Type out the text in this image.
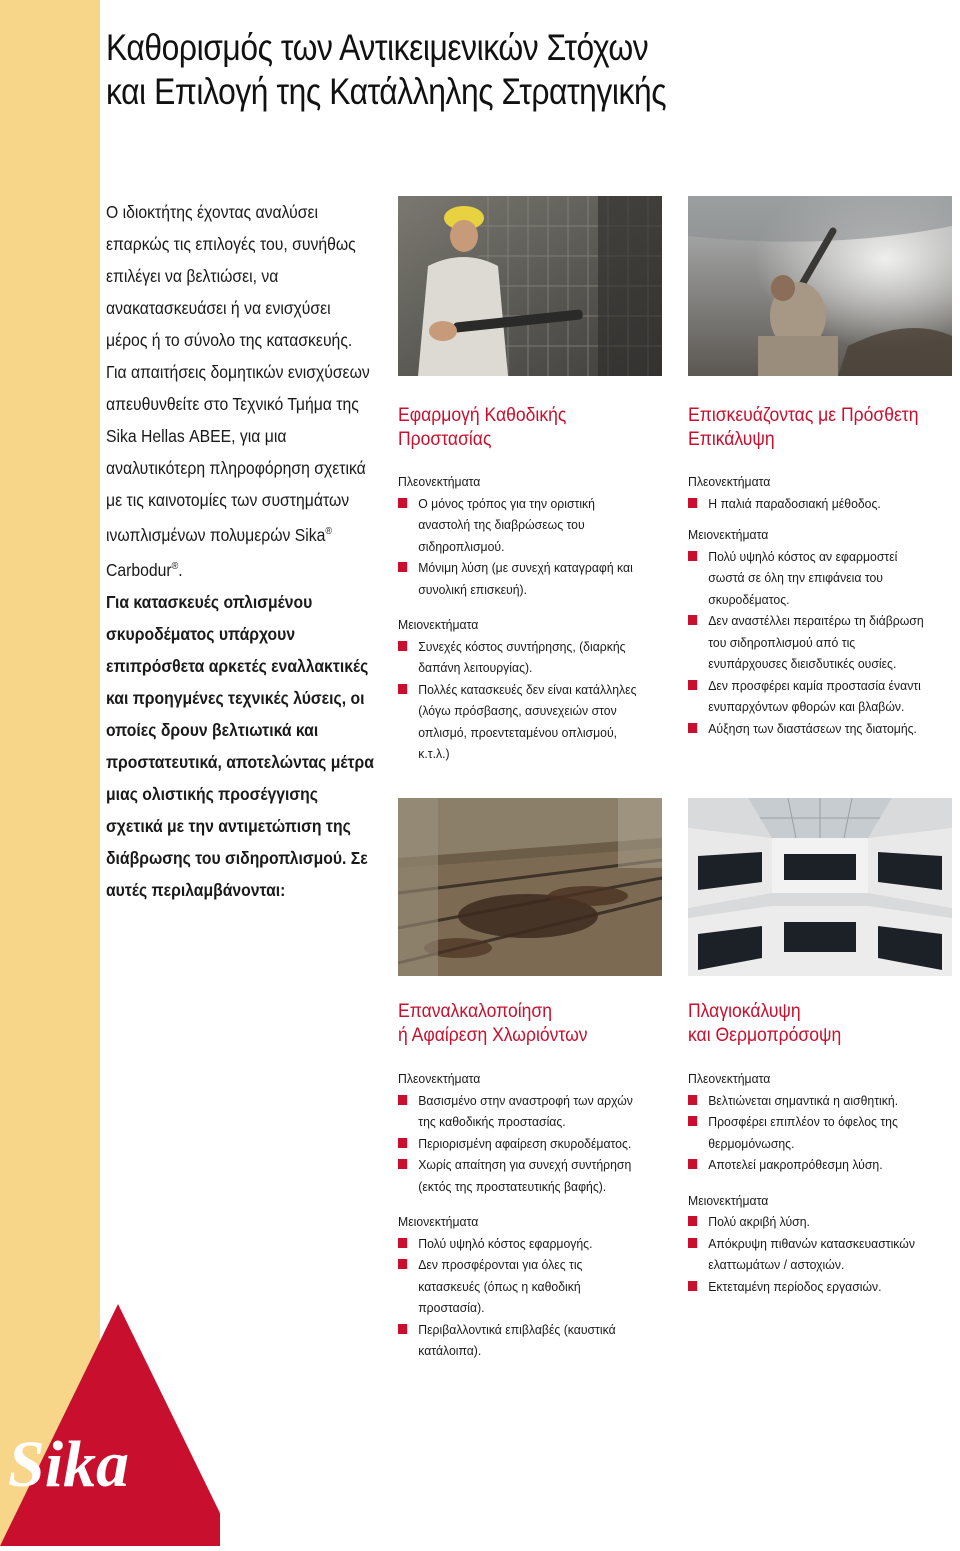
Καθορισμός των Αντικειμενικών Στόχων
και Επιλογή της Κατάλληλης Στρατηγικής
Ο ιδιοκτήτης έχοντας αναλύσει επαρκώς τις επιλογές του, συνήθως επιλέγει να βελτιώσει, να ανακατασκευάσει ή να ενισχύσει μέρος ή το σύνολο της κατασκευής.
Για απαιτήσεις δομητικών ενισχύσεων απευθυνθείτε στο Τεχνικό Τμήμα της Sika Hellas ΑΒΕΕ, για μια αναλυτικότερη πληροφόρηση σχετικά με τις καινοτομίες των συστημάτων ινωπλισμένων πολυμερών Sika® Carbodur®.
Για κατασκευές οπλισμένου σκυροδέματος υπάρχουν επιπρόσθετα αρκετές εναλλακτικές και προηγμένες τεχνικές λύσεις, οι οποίες δρουν βελτιωτικά και προστατευτικά, αποτελώντας μέτρα μιας ολιστικής προσέγγισης σχετικά με την αντιμετώπιση της διάβρωσης του σιδηροπλισμού. Σε αυτές περιλαμβάνονται:
Εφαρμογή Καθοδικής
Προστασίας
Πλεονεκτήματα
Ο μόνος τρόπος για την οριστική αναστολή της διαβρώσεως του σιδηροπλισμού.
Μόνιμη λύση (με συνεχή καταγραφή και συνολική επισκευή).
Μειονεκτήματα
Συνεχές κόστος συντήρησης, (διαρκής δαπάνη λειτουργίας).
Πολλές κατασκευές δεν είναι κατάλληλες (λόγω πρόσβασης, ασυνεχειών στον οπλισμό, προεντεταμένου οπλισμού, κ.τ.λ.)
Επισκευάζοντας με Πρόσθετη
Επικάλυψη
Πλεονεκτήματα
Η παλιά παραδοσιακή μέθοδος.
Μειονεκτήματα
Πολύ υψηλό κόστος αν εφαρμοστεί σωστά σε όλη την επιφάνεια του σκυροδέματος.
Δεν αναστέλλει περαιτέρω τη διάβρωση του σιδηροπλισμού από τις ενυπάρχουσες διεισδυτικές ουσίες.
Δεν προσφέρει καμία προστασία έναντι ενυπαρχόντων φθορών και βλαβών.
Αύξηση των διαστάσεων της διατομής.
Επαναλκαλοποίηση
ή Αφαίρεση Χλωριόντων
Πλεονεκτήματα
Βασισμένο στην αναστροφή των αρχών της καθοδικής προστασίας.
Περιορισμένη αφαίρεση σκυροδέματος.
Χωρίς απαίτηση για συνεχή συντήρηση (εκτός της προστατευτικής βαφής).
Μειονεκτήματα
Πολύ υψηλό κόστος εφαρμογής.
Δεν προσφέρονται για όλες τις κατασκευές (όπως η καθοδική προστασία).
Περιβαλλοντικά επιβλαβές (καυστικά κατάλοιπα).
Πλαγιοκάλυψη
και Θερμοπρόσοψη
Πλεονεκτήματα
Βελτιώνεται σημαντικά η αισθητική.
Προσφέρει επιπλέον το όφελος της θερμομόνωσης.
Αποτελεί μακροπρόθεσμη λύση.
Μειονεκτήματα
Πολύ ακριβή λύση.
Απόκρυψη πιθανών κατασκευαστικών ελαττωμάτων / αστοχιών.
Εκτεταμένη περίοδος εργασιών.
Sika	®
